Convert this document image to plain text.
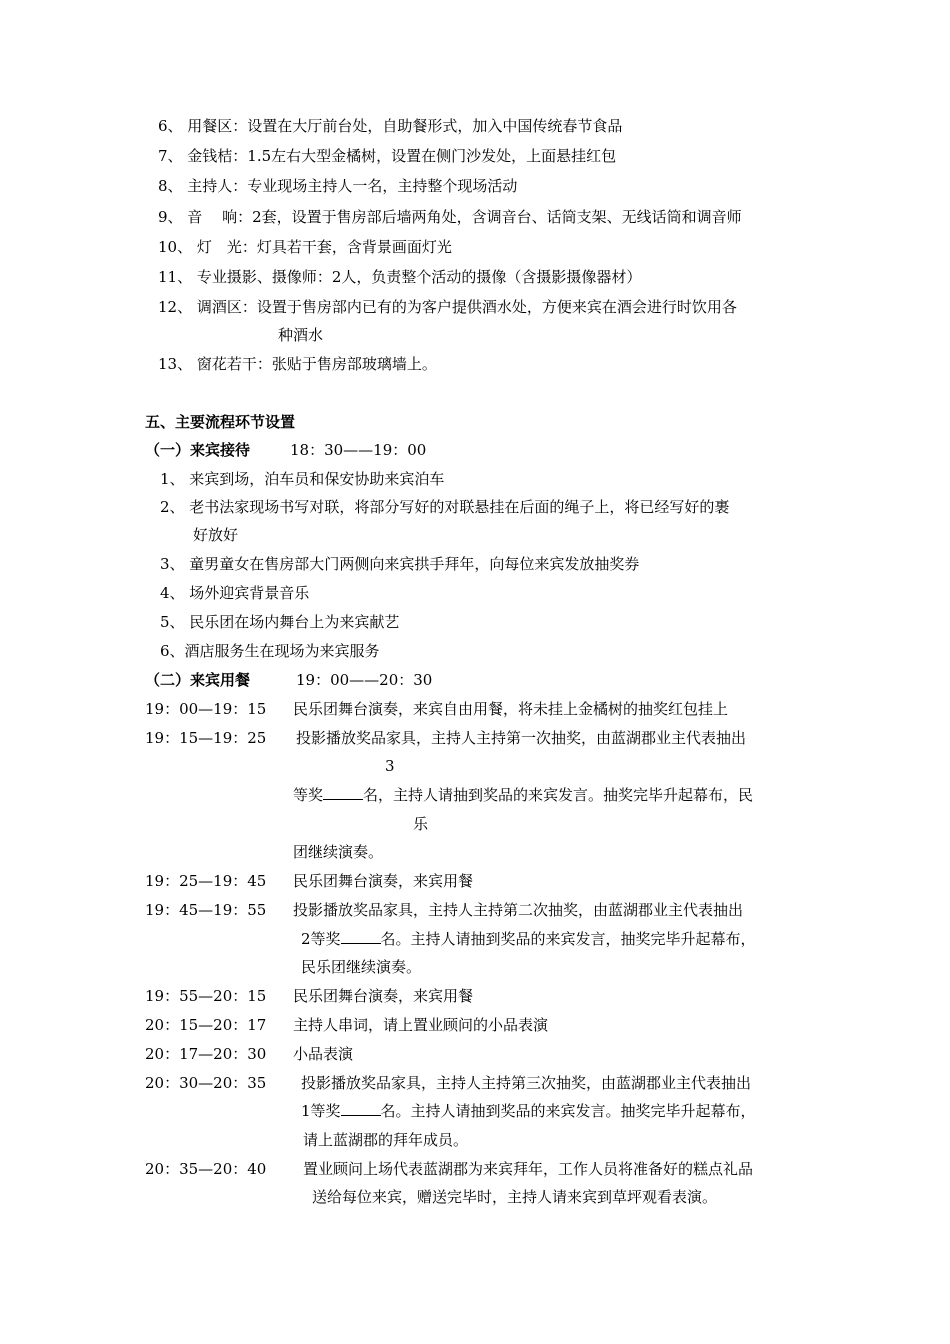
6、 用餐区：设置在大厅前台处，自助餐形式，加入中国传统春节食品
7、 金钱桔：1.5左右大型金橘树，设置在侧门沙发处，上面悬挂红包
8、 主持人：专业现场主持人一名，主持整个现场活动
9、 音　 响：2套，设置于售房部后墙两角处，含调音台、话筒支架、无线话筒和调音师
10、 灯　光：灯具若干套，含背景画面灯光
11、 专业摄影、摄像师：2人，负责整个活动的摄像（含摄影摄像器材）
12、 调酒区：设置于售房部内已有的为客户提供酒水处，方便来宾在酒会进行时饮用各
种酒水
13、 窗花若干：张贴于售房部玻璃墙上。
五、主要流程环节设置
（一）来宾接待	18：30——19：00
1、 来宾到场，泊车员和保安协助来宾泊车
2、 老书法家现场书写对联，将部分写好的对联悬挂在后面的绳子上，将已经写好的裹
好放好
3、 童男童女在售房部大门两侧向来宾拱手拜年，向每位来宾发放抽奖券
4、 场外迎宾背景音乐
5、 民乐团在场内舞台上为来宾献艺
6、酒店服务生在现场为来宾服务
（二）来宾用餐	19：00——20：30
19：00—19：15 民乐团舞台演奏，来宾自由用餐，将未挂上金橘树的抽奖红包挂上
19：15—19：25 投影播放奖品家具，主持人主持第一次抽奖，由蓝湖郡业主代表抽出
3
等奖	名，主持人请抽到奖品的来宾发言。抽奖完毕升起幕布，民
乐
团继续演奏。
19：25—19：45 民乐团舞台演奏，来宾用餐
19：45—19：55 投影播放奖品家具，主持人主持第二次抽奖，由蓝湖郡业主代表抽出
2等奖	名。主持人请抽到奖品的来宾发言，抽奖完毕升起幕布，
民乐团继续演奏。
19：55—20：15 民乐团舞台演奏，来宾用餐
20：15—20：17 主持人串词，请上置业顾问的小品表演
20：17—20：30 小品表演
20：30—20：35 投影播放奖品家具，主持人主持第三次抽奖，由蓝湖郡业主代表抽出
1等奖	名。主持人请抽到奖品的来宾发言。抽奖完毕升起幕布，
请上蓝湖郡的拜年成员。
20：35—20：40 置业顾问上场代表蓝湖郡为来宾拜年，工作人员将准备好的糕点礼品
送给每位来宾，赠送完毕时，主持人请来宾到草坪观看表演。
